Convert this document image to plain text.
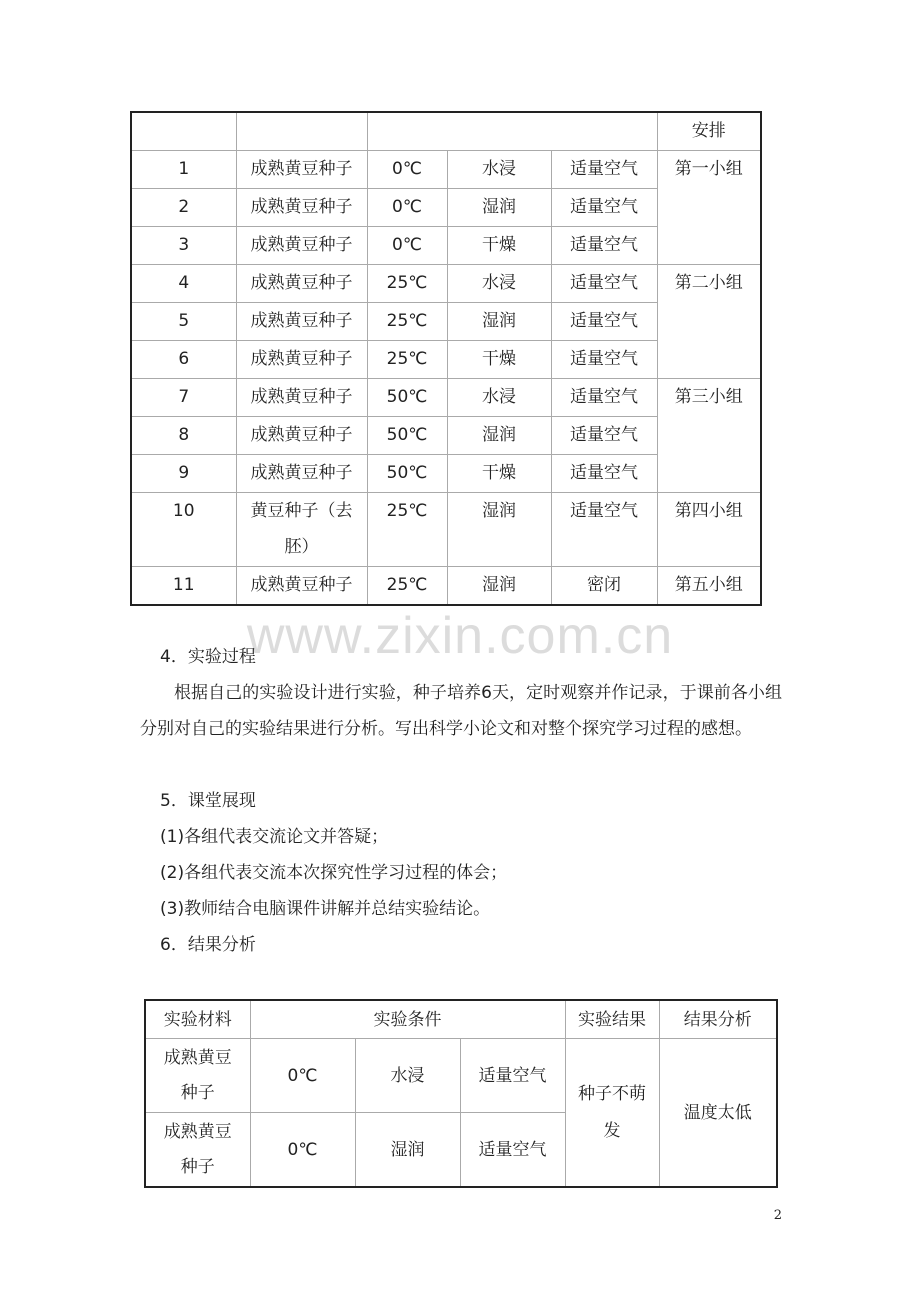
					安排
1	成熟黄豆种子	0℃	水浸	适量空气	第一小组
2	成熟黄豆种子	0℃	湿润	适量空气	
3	成熟黄豆种子	0℃	干燥	适量空气	
4	成熟黄豆种子	25℃	水浸	适量空气	第二小组
5	成熟黄豆种子	25℃	湿润	适量空气	
6	成熟黄豆种子	25℃	干燥	适量空气	
7	成熟黄豆种子	50℃	水浸	适量空气	第三小组
8	成熟黄豆种子	50℃	湿润	适量空气	
9	成熟黄豆种子	50℃	干燥	适量空气	
10	黄豆种子（去胚）	25℃	湿润	适量空气	第四小组
11	成熟黄豆种子	25℃	湿润	密闭	第五小组
www.zixin.com.cn
4．实验过程
根据自己的实验设计进行实验，种子培养6天，定时观察并作记录，于课前各小组分别对自己的实验结果进行分析。写出科学小论文和对整个探究学习过程的感想。
5．课堂展现
(1)各组代表交流论文并答疑；
(2)各组代表交流本次探究性学习过程的体会；
(3)教师结合电脑课件讲解并总结实验结论。
6．结果分析
实验材料	实验条件			实验结果	结果分析
成熟黄豆种子	0℃	水浸	适量空气	种子不萌发	温度太低
成熟黄豆种子	0℃	湿润	适量空气		
2
